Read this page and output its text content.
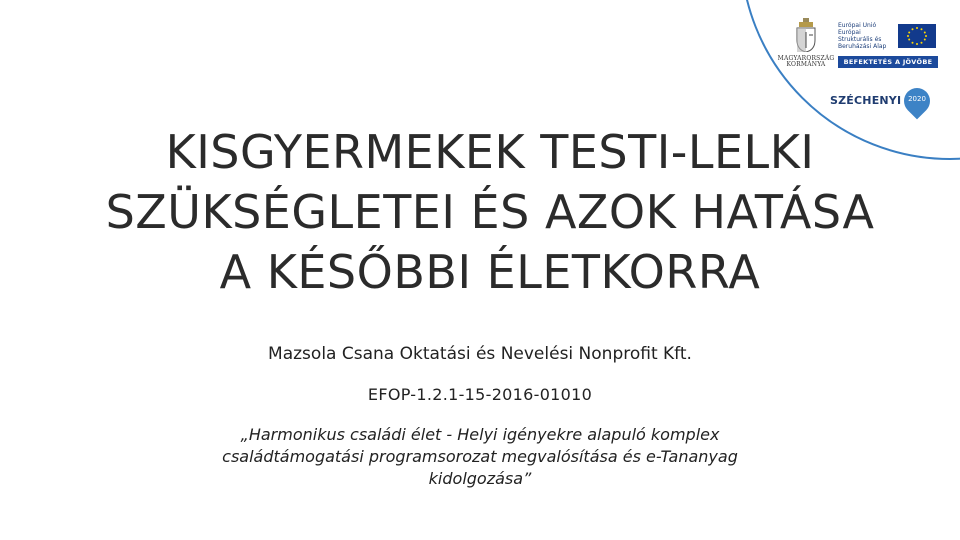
MAGYARORSZÁG KORMÁNYA
Európai Unió Európai Strukturális és Beruházási Alap
BEFEKTETÉS A JÖVŐBE
SZÉCHENYI 2020
KISGYERMEKEK TESTI-LELKI
SZÜKSÉGLETEI ÉS AZOK HATÁSA
A KÉSŐBBI ÉLETKORRA
Mazsola Csana Oktatási és Nevelési Nonprofit Kft.
EFOP-1.2.1-15-2016-01010
„Harmonikus családi élet - Helyi igényekre alapuló komplex családtámogatási programsorozat megvalósítása és e-Tananyag kidolgozása”
